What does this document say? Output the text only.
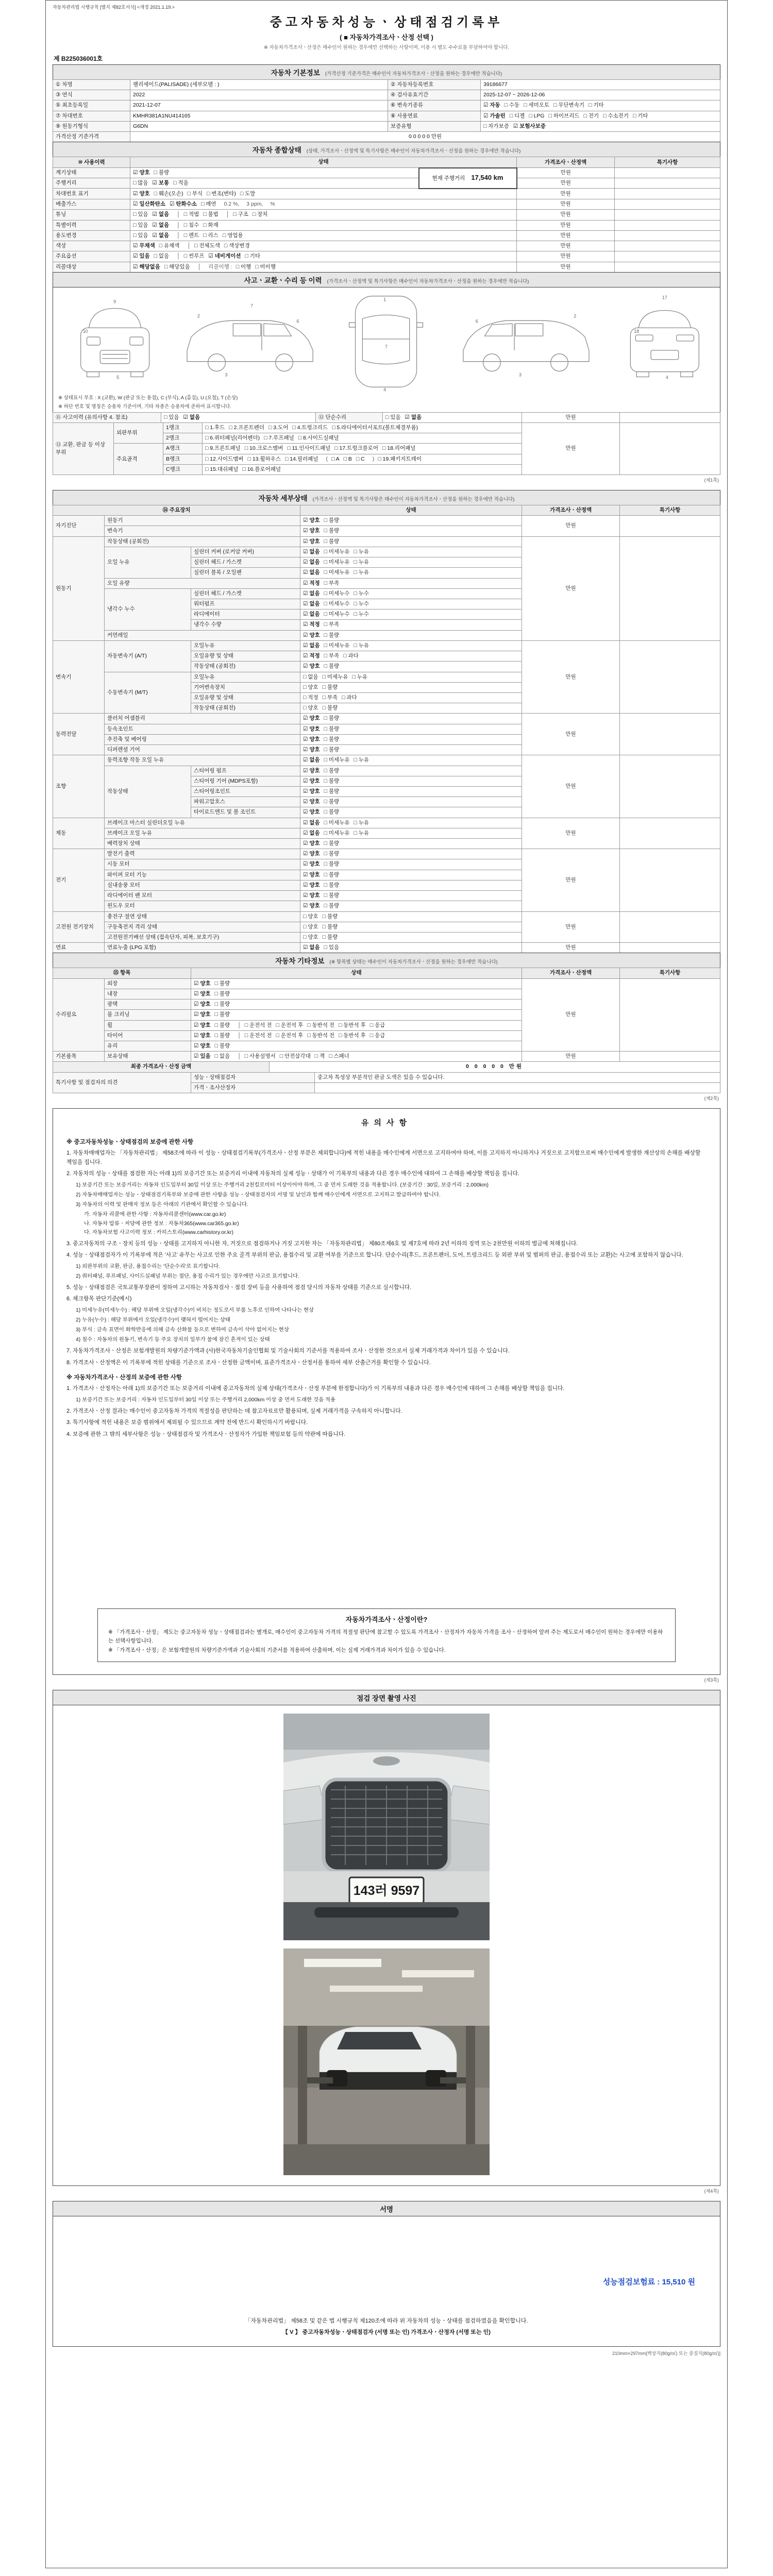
자동차관리법 시행규칙 [별지 제82호서식] <개정 2021.1.19.>
중고자동차성능ㆍ상태점검기록부
( ■ 자동차가격조사ㆍ산정 선택 )
※ 자동차가격조사ㆍ산정은 매수인이 원하는 경우에만 선택하는 사항이며, 이용 시 별도 수수료를 부담하여야 합니다.
제 B225036001호
자동차 기본정보 (가격산정 기준가격은 매수인이 자동차가격조사ㆍ산정을 원하는 경우에만 적습니다)
① 차명	팰리세이드(PALISADE) (세부모델 : )	② 자동차등록번호	39186677
③ 연식	2022	④ 검사유효기간	2025-12-07 ~ 2026-12-06
⑤ 최초등록일	2021-12-07	⑥ 변속기종류	☑ 자동 □ 수동 □ 세미오토 □ 무단변속기 □ 기타
⑦ 차대번호	KMHR381A1NU414165	⑧ 사용연료	☑ 가솔린 □ 디젤 □ LPG □ 하이브리드 □ 전기 □ 수소전기 □ 기타
⑨ 원동기형식	G6DN	보증유형	□ 자가보증 ☑ 보험사보증
가격산정 기준가격	0 0 0 0 0 만원		
자동차 종합상태 (상태, 가격조사ㆍ산정액 및 특기사항은 매수인이 자동차가격조사ㆍ산정을 원하는 경우에만 적습니다)
⑩ 사용이력	상태		가격조사ㆍ산정액	특기사항
계기상태	☑ 양호 □ 불량	현재 주행거리 17,540 km	만원	
주행거리	□ 많음 ☑ 보통 □ 적음		만원	
차대번호 표기	☑ 양호 □ 훼손(오손) □ 부식 □ 변조(변타) □ 도말		만원	
배출가스	☑ 일산화탄소 ☑ 탄화수소 □ 매연 0.2 %, 3 ppm, %		만원	
튜닝	□ 있음 ☑ 없음 │ □ 적법 □ 불법 │ □ 구조 □ 장치		만원	
특별이력	□ 있음 ☑ 없음 │ □ 침수 □ 화재		만원	
용도변경	□ 있음 ☑ 없음 │ □ 렌트 □ 리스 □ 영업용		만원	
색상	☑ 무채색 □ 유채색 │ □ 전체도색 □ 색상변경		만원	
주요옵션	☑ 있음 □ 없음 │ □ 썬루프 ☑ 네비게이션 □ 기타		만원	
리콜대상	☑ 해당없음 □ 해당있음 │ 리콜이행 : □ 이행 □ 미이행		만원	
사고ㆍ교환ㆍ수리 등 이력 (가격조사ㆍ산정액 및 특기사항은 매수인이 자동차가격조사ㆍ산정을 원하는 경우에만 적습니다)
9
10
5
2
7
3
6
1
7
4
2
3
6
17
18
4
※ 상태표시 부호 : X (교환), W (판금 또는 용접), C (부식), A (흠집), U (요철), T (손상)
※ 하단 번호 및 명칭은 승용차 기준이며, 기타 차종은 승용차에 준하여 표시합니다.
⑪ 사고이력 (유의사항 4. 참조)	□ 있음 ☑ 없음	⑫ 단순수리	□ 있음 ☑ 없음	만원	
⑬ 교환, 판금 등 이상 부위	외판부위	1랭크	□ 1.후드 □ 2.프론트펜더 □ 3.도어 □ 4.트렁크리드 □ 5.라디에이터서포트(볼트체결부품)	만원	
		2랭크	□ 6.쿼터패널(리어펜더) □ 7.루프패널 □ 8.사이드실패널		
	주요골격	A랭크	□ 9.프론트패널 □ 10.크로스멤버 □ 11.인사이드패널 □ 17.트렁크플로어 □ 18.리어패널		
		B랭크	□ 12.사이드멤버 □ 13.휠하우스 □ 14.필러패널 ( □ A □ B □ C ) □ 19.패키지트레이		
		C랭크	□ 15.대쉬패널 □ 16.플로어패널		
(제1쪽)
자동차 세부상태 (가격조사ㆍ산정액 및 특기사항은 매수인이 자동차가격조사ㆍ산정을 원하는 경우에만 적습니다)
⑭ 주요장치			상태	가격조사ㆍ산정액	특기사항
자기진단	원동기		☑ 양호 □ 불량	만원	
	변속기		☑ 양호 □ 불량		
원동기	작동상태 (공회전)		☑ 양호 □ 불량	만원	
	오일 누유	실린더 커버 (로커암 커버)	☑ 없음 □ 미세누유 □ 누유		
		실린더 헤드 / 가스켓	☑ 없음 □ 미세누유 □ 누유		
		실린더 블록 / 오일팬	☑ 없음 □ 미세누유 □ 누유		
	오일 유량		☑ 적정 □ 부족		
	냉각수 누수	실린더 헤드 / 가스켓	☑ 없음 □ 미세누수 □ 누수		
		워터펌프	☑ 없음 □ 미세누수 □ 누수		
		라디에이터	☑ 없음 □ 미세누수 □ 누수		
		냉각수 수량	☑ 적정 □ 부족		
	커먼레일		☑ 양호 □ 불량		
변속기	자동변속기 (A/T)	오일누유	☑ 없음 □ 미세누유 □ 누유	만원	
		오일유량 및 상태	☑ 적정 □ 부족 □ 과다		
		작동상태 (공회전)	☑ 양호 □ 불량		
	수동변속기 (M/T)	오일누유	□ 없음 □ 미세누유 □ 누유		
		기어변속장치	□ 양호 □ 불량		
		오일유량 및 상태	□ 적정 □ 부족 □ 과다		
		작동상태 (공회전)	□ 양호 □ 불량		
동력전달	클러치 어셈블리		☑ 양호 □ 불량	만원	
	등속조인트		☑ 양호 □ 불량		
	추진축 및 베어링		☑ 양호 □ 불량		
	디퍼렌셜 기어		☑ 양호 □ 불량		
조향	동력조향 작동 오일 누유		☑ 없음 □ 미세누유 □ 누유	만원	
	작동상태	스티어링 펌프	☑ 양호 □ 불량		
		스티어링 기어 (MDPS포함)	☑ 양호 □ 불량		
		스티어링조인트	☑ 양호 □ 불량		
		파워고압호스	☑ 양호 □ 불량		
		타이로드엔드 및 볼 조인트	☑ 양호 □ 불량		
제동	브레이크 마스터 실린더오일 누유		☑ 없음 □ 미세누유 □ 누유	만원	
	브레이크 오일 누유		☑ 없음 □ 미세누유 □ 누유		
	배력장치 상태		☑ 양호 □ 불량		
전기	발전기 출력		☑ 양호 □ 불량	만원	
	시동 모터		☑ 양호 □ 불량		
	와이퍼 모터 기능		☑ 양호 □ 불량		
	실내송풍 모터		☑ 양호 □ 불량		
	라디에이터 팬 모터		☑ 양호 □ 불량		
	윈도우 모터		☑ 양호 □ 불량		
고전원 전기장치	충전구 절연 상태		□ 양호 □ 불량	만원	
	구동축전지 격리 상태		□ 양호 □ 불량		
	고전원전기배선 상태 (접속단자, 피복, 보호기구)		□ 양호 □ 불량		
연료	연료누출 (LPG 포함)		☑ 없음 □ 있음	만원	
자동차 기타정보 (※ 항목별 상태는 매수인이 자동차가격조사ㆍ산정을 원하는 경우에만 적습니다)
⑮ 항목		상태	가격조사ㆍ산정액	특기사항
수리필요	외장	☑ 양호 □ 불량	만원	
	내장	☑ 양호 □ 불량		
	광택	☑ 양호 □ 불량		
	룸 크리닝	☑ 양호 □ 불량		
	휠	☑ 양호 □ 불량 │ □ 운전석 전 □ 운전석 후 □ 동반석 전 □ 동반석 후 □ 응급		
	타이어	☑ 양호 □ 불량 │ □ 운전석 전 □ 운전석 후 □ 동반석 전 □ 동반석 후 □ 응급		
	유리	☑ 양호 □ 불량		
기본품목	보유상태	☑ 있음 □ 없음 │ □ 사용설명서 □ 안전삼각대 □ 잭 □ 스패너	만원	
최종 가격조사ㆍ산정 금액	0 0 0 0 0 만원
특기사항 및 점검자의 의견	성능ㆍ상태점검자	중고차 특성상 부분적인 판금 도색은 있을 수 있습니다.
	가격ㆍ조사산정자	
(제2쪽)
유의사항
※ 중고자동차성능ㆍ상태점검의 보증에 관한 사항
1. 자동차매매업자는 「자동차관리법」 제58조에 따라 이 성능ㆍ상태점검기록부(가격조사ㆍ산정 부분은 제외합니다)에 적힌 내용을 매수인에게 서면으로 고지하여야 하며, 이를 고지하지 아니하거나 거짓으로 고지함으로써 매수인에게 발생한 재산상의 손해를 배상할 책임을 집니다.
2. 자동차의 성능ㆍ상태를 점검한 자는 아래 1)의 보증기간 또는 보증거리 이내에 자동차의 실제 성능ㆍ상태가 이 기록부의 내용과 다른 경우 매수인에 대하여 그 손해를 배상할 책임을 집니다.
1) 보증기간 또는 보증거리는 자동차 인도일부터 30일 이상 또는 주행거리 2천킬로미터 이상이어야 하며, 그 중 먼저 도래한 것을 적용합니다. (보증기간 : 30일, 보증거리 : 2,000km)
2) 자동차매매업자는 성능ㆍ상태점검기록부와 보증에 관한 사항을 성능ㆍ상태점검자의 서명 및 날인과 함께 매수인에게 서면으로 고지하고 발급하여야 합니다.
3) 자동차의 이력 및 판매자 정보 등은 아래의 기관에서 확인할 수 있습니다.
가. 자동차 리콜에 관한 사항 : 자동차리콜센터(www.car.go.kr)
나. 자동차 압류ㆍ저당에 관한 정보 : 자동차365(www.car365.go.kr)
다. 자동차보험 사고이력 정보 : 카히스토리(www.carhistory.or.kr)
3. 중고자동차의 구조ㆍ장치 등의 성능ㆍ상태를 고지하지 아니한 자, 거짓으로 점검하거나 거짓 고지한 자는 「자동차관리법」 제80조제6호 및 제7호에 따라 2년 이하의 징역 또는 2천만원 이하의 벌금에 처해집니다.
4. 성능ㆍ상태점검자가 이 기록부에 적은 '사고' 유무는 사고로 인한 주요 골격 부위의 판금, 용접수리 및 교환 여부를 기준으로 합니다. 단순수리(후드, 프론트펜더, 도어, 트렁크리드 등 외판 부위 및 범퍼의 판금, 용접수리 또는 교환)는 사고에 포함하지 않습니다.
1) 외판부위의 교환, 판금, 용접수리는 '단순수리'로 표기합니다.
2) 쿼터패널, 루프패널, 사이드실패널 부위는 절단, 용접 수리가 있는 경우에만 사고로 표기합니다.
5. 성능ㆍ상태점검은 국토교통부장관이 정하여 고시하는 자동차검사ㆍ점검 장비 등을 사용하여 점검 당시의 자동차 상태를 기준으로 실시합니다.
6. 체크항목 판단기준(예시)
1) 미세누유(미세누수) : 해당 부위에 오일(냉각수)이 비치는 정도로서 부품 노후로 인하여 나타나는 현상
2) 누유(누수) : 해당 부위에서 오일(냉각수)이 맺혀서 떨어지는 상태
3) 부식 : 금속 표면이 화학반응에 의해 금속 산화물 등으로 변하여 금속이 삭아 없어지는 현상
4) 침수 : 자동차의 원동기, 변속기 등 주요 장치의 일부가 물에 잠긴 흔적이 있는 상태
7. 자동차가격조사ㆍ산정은 보험개발원의 차량기준가액과 (사)한국자동차기술인협회 및 기술사회의 기준서를 적용하여 조사ㆍ산정한 것으로서 실제 거래가격과 차이가 있을 수 있습니다.
8. 가격조사ㆍ산정액은 이 기록부에 적힌 상태를 기준으로 조사ㆍ산정한 금액이며, 표준가격조사ㆍ산정서를 통하여 세부 산출근거를 확인할 수 있습니다.
※ 자동차가격조사ㆍ산정의 보증에 관한 사항
1. 가격조사ㆍ산정자는 아래 1)의 보증기간 또는 보증거리 이내에 중고자동차의 실제 상태(가격조사ㆍ산정 부분에 한정합니다)가 이 기록부의 내용과 다른 경우 매수인에 대하여 그 손해를 배상할 책임을 집니다.
1) 보증기간 또는 보증거리 : 자동차 인도일부터 30일 이상 또는 주행거리 2,000km 이상 중 먼저 도래한 것을 적용
2. 가격조사ㆍ산정 결과는 매수인이 중고자동차 가격의 적절성을 판단하는 데 참고자료로만 활용되며, 실제 거래가격을 구속하지 아니합니다.
3. 특기사항에 적힌 내용은 보증 범위에서 제외될 수 있으므로 계약 전에 반드시 확인하시기 바랍니다.
4. 보증에 관한 그 밖의 세부사항은 성능ㆍ상태점검자 및 가격조사ㆍ산정자가 가입한 책임보험 등의 약관에 따릅니다.
자동차가격조사ㆍ산정이란?
※ 「가격조사ㆍ산정」 제도는 중고자동차 성능ㆍ상태점검과는 별개로, 매수인이 중고자동차 가격의 적절성 판단에 참고할 수 있도록 가격조사ㆍ산정자가 자동차 가격을 조사ㆍ산정하여 알려 주는 제도로서 매수인이 원하는 경우에만 이용하는 선택사항입니다.
※ 「가격조사ㆍ산정」은 보험개발원의 차량기준가액과 기술사회의 기준서를 적용하여 산출하며, 이는 실제 거래가격과 차이가 있을 수 있습니다.
(제3쪽)
점검 장면 촬영 사진
143러 9597
(제4쪽)
서명
성능점검보험료 : 15,510 원
「자동차관리법」 제58조 및 같은 법 시행규칙 제120조에 따라 위 자동차의 성능ㆍ상태를 점검하였음을 확인합니다.
【 V 】 중고자동차성능ㆍ상태점검자 (서명 또는 인) 가격조사ㆍ산정자 (서명 또는 인)
210mm×297mm[백상지(80g/㎡) 또는 중질지(80g/㎡)]
